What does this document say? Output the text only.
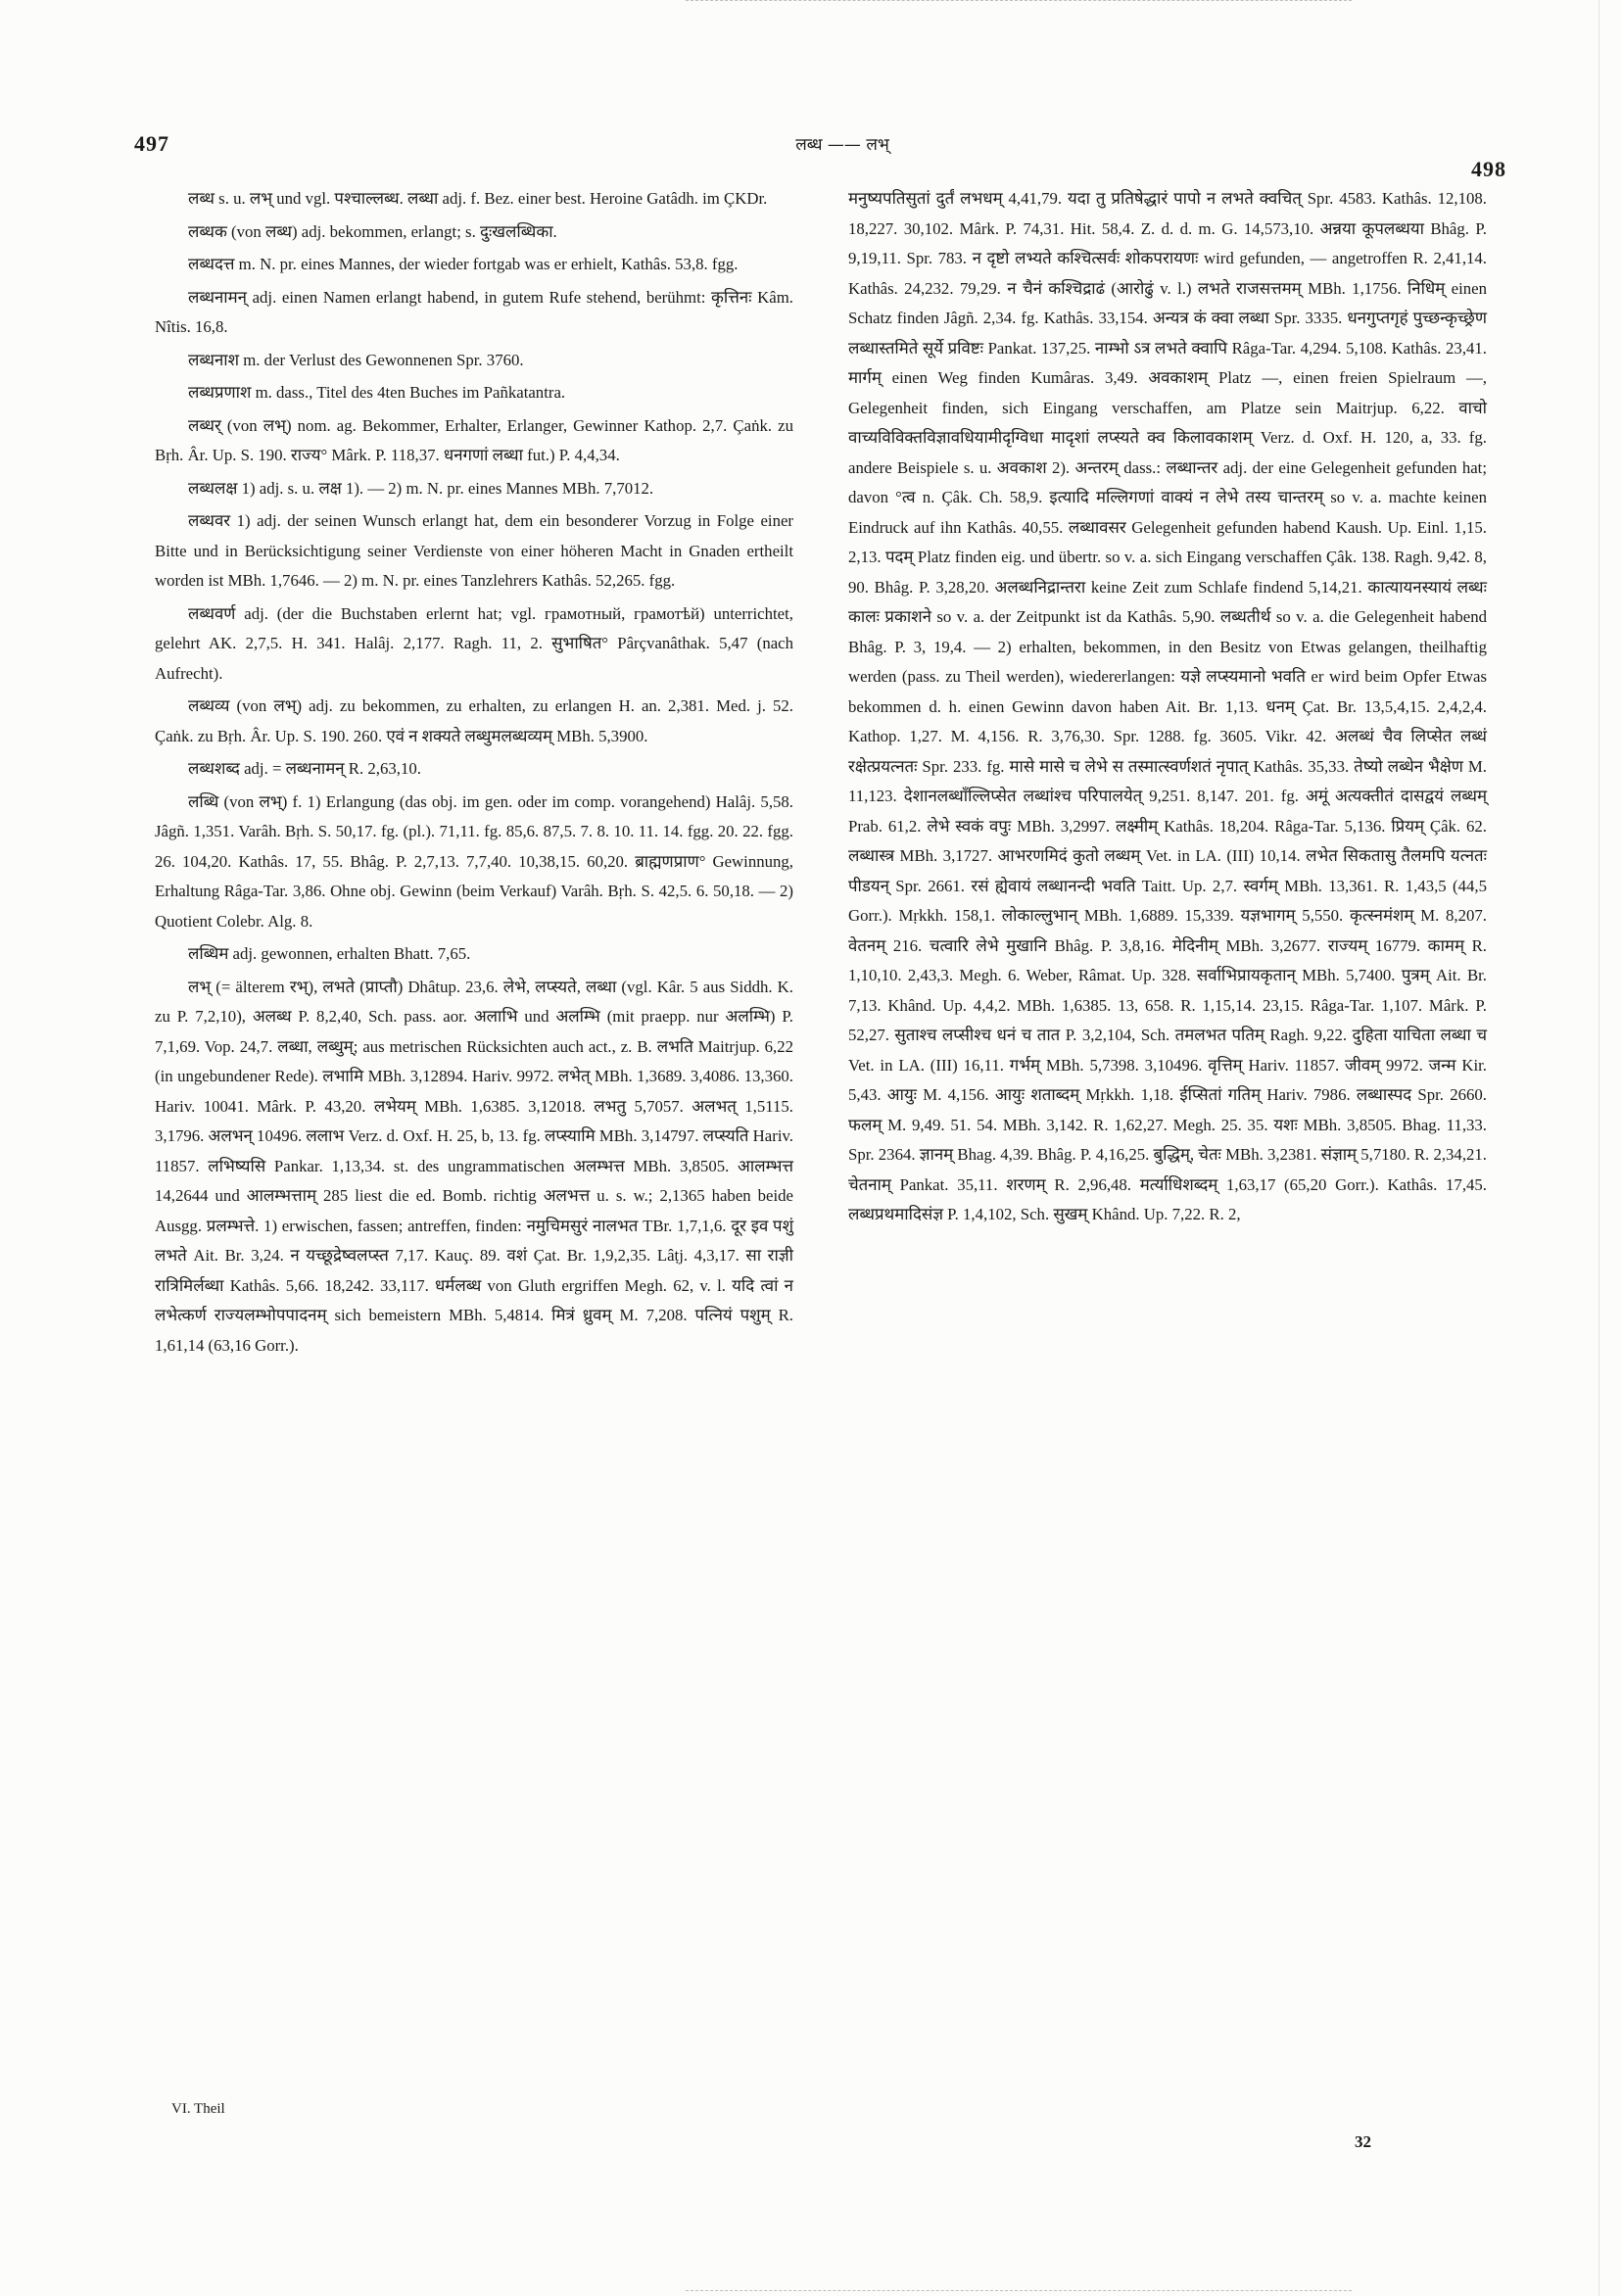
497	लब्ध —— लभ्
498

लब्ध s. u. लभ् und vgl. पश्चाल्लब्ध. लब्धा adj. f. Bez. einer best. Heroine Gatâdh. im ÇKDr.

लब्धक (von लब्ध) adj. bekommen, erlangt; s. दुःखलब्धिका.

लब्धदत्त m. N. pr. eines Mannes, der wieder fortgab was er erhielt, Kathâs. 53,8. fgg.

लब्धनामन् adj. einen Namen erlangt habend, in gutem Rufe stehend, berühmt: कृत्तिनः Kâm. Nîtis. 16,8.

लब्धनाश m. der Verlust des Gewonnenen Spr. 3760.

लब्धप्रणाश m. dass., Titel des 4ten Buches im Pañkatantra.

लब्धर् (von लभ्) nom. ag. Bekommer, Erhalter, Erlanger, Gewinner Kathop. 2,7. Çaṅk. zu Bṛh. Âr. Up. S. 190. राज्य° Mârk. P. 118,37. धनगणां लब्धा fut.) P. 4,4,34.

लब्धलक्ष 1) adj. s. u. लक्ष 1). — 2) m. N. pr. eines Mannes MBh. 7,7012.

लब्धवर 1) adj. der seinen Wunsch erlangt hat, dem ein besonderer Vorzug in Folge einer Bitte und in Berücksichtigung seiner Verdienste von einer höheren Macht in Gnaden ertheilt worden ist MBh. 1,7646. — 2) m. N. pr. eines Tanzlehrers Kathâs. 52,265. fgg.

लब्धवर्ण adj. (der die Buchstaben erlernt hat; vgl. грамотный, грамотѣй) unterrichtet, gelehrt AK. 2,7,5. H. 341. Halâj. 2,177. Ragh. 11, 2. सुभाषित° Pârçvanâthak. 5,47 (nach Aufrecht).

लब्धव्य (von लभ्) adj. zu bekommen, zu erhalten, zu erlangen H. an. 2,381. Med. j. 52. Çaṅk. zu Bṛh. Âr. Up. S. 190. 260. एवं न शक्यते लब्धुमलब्धव्यम् MBh. 5,3900.

लब्धशब्द adj. = लब्धनामन् R. 2,63,10.

लब्धि (von लभ्) f. 1) Erlangung (das obj. im gen. oder im comp. vorangehend) Halâj. 5,58. Jâgñ. 1,351. Varâh. Bṛh. S. 50,17. fg. (pl.). 71,11. fg. 85,6. 87,5. 7. 8. 10. 11. 14. fgg. 20. 22. fgg. 26. 104,20. Kathâs. 17, 55. Bhâg. P. 2,7,13. 7,7,40. 10,38,15. 60,20. ब्राह्मणप्राण° Gewinnung, Erhaltung Râga-Tar. 3,86. Ohne obj. Gewinn (beim Verkauf) Varâh. Bṛh. S. 42,5. 6. 50,18. — 2) Quotient Colebr. Alg. 8.

लब्धिम adj. gewonnen, erhalten Bhatt. 7,65.

लभ् (= älterem रभ्), लभते (प्राप्तौ) Dhâtup. 23,6. लेभे, लप्स्यते, लब्धा (vgl. Kâr. 5 aus Siddh. K. zu P. 7,2,10), अलब्ध P. 8,2,40, Sch. pass. aor. अलाभि und अलम्भि (mit praepp. nur अलम्भि) P. 7,1,69. Vop. 24,7. लब्धा, लब्धुम्; aus metrischen Rücksichten auch act., z. B. लभति Maitrjup. 6,22 (in ungebundener Rede). लभामि MBh. 3,12894. Hariv. 9972. लभेत् MBh. 1,3689. 3,4086. 13,360. Hariv. 10041. Mârk. P. 43,20. लभेयम् MBh. 1,6385. 3,12018. लभतु 5,7057. अलभत् 1,5115. 3,1796. अलभन् 10496. ललाभ Verz. d. Oxf. H. 25, b, 13. fg. लप्स्यामि MBh. 3,14797. लप्स्यति Hariv. 11857. लभिष्यसि Pankar. 1,13,34. st. des ungrammatischen अलम्भत्त MBh. 3,8505. आलम्भत्त 14,2644 und आलम्भत्ताम् 285 liest die ed. Bomb. richtig अलभत्त u. s. w.; 2,1365 haben beide Ausgg. प्रलम्भत्ते. 1) erwischen, fassen; antreffen, finden: नमुचिमसुरं नालभत TBr. 1,7,1,6. दूर इव पशुं लभते Ait. Br. 3,24. न यच्छूद्रेष्वलप्स्त 7,17. Kauç. 89. वशं Çat. Br. 1,9,2,35. Lâṭj. 4,3,17. सा राज्ञी रात्रिमिर्लब्धा Kathâs. 5,66. 18,242. 33,117. धर्मलब्ध von Gluth ergriffen Megh. 62, v. l. यदि त्वां न लभेत्कर्ण राज्यलम्भोपपादनम् sich bemeistern MBh. 5,4814. मित्रं ध्रुवम् M. 7,208. पत्नियं पशुम् R. 1,61,14 (63,16 Gorr.).

मनुष्यपतिसुतां दुर्तं लभधम् 4,41,79. यदा तु प्रतिषेद्धारं पापो न लभते क्वचित् Spr. 4583. Kathâs. 12,108. 18,227. 30,102. Mârk. P. 74,31. Hit. 58,4. Z. d. d. m. G. 14,573,10. अन्नया कूपलब्धया Bhâg. P. 9,19,11. Spr. 783. न दृष्टो लभ्यते कश्चित्सर्वः शोकपरायणः wird gefunden, — angetroffen R. 2,41,14. Kathâs. 24,232. 79,29. न चैनं कश्चिद्राढं (आरोढुं v. l.) लभते राजसत्तमम् MBh. 1,1756. निधिम् einen Schatz finden Jâgñ. 2,34. fg. Kathâs. 33,154. अन्यत्र कं क्वा लब्धा Spr. 3335. धनगुप्तगृहं पुच्छन्कृच्छ्रेण लब्धास्तमिते सूर्ये प्रविष्टः Pankat. 137,25. नाम्भो ऽत्र लभते क्वापि Râga-Tar. 4,294. 5,108. Kathâs. 23,41. मार्गम् einen Weg finden Kumâras. 3,49. अवकाशम् Platz —, einen freien Spielraum —, Gelegenheit finden, sich Eingang verschaffen, am Platze sein Maitrjup. 6,22. वाचो वाच्यविविक्तविज्ञावधियामीदृग्विधा मादृशां लप्स्यते क्व किलावकाशम् Verz. d. Oxf. H. 120, a, 33. fg. andere Beispiele s. u. अवकाश 2). अन्तरम् dass.: लब्धान्तर adj. der eine Gelegenheit gefunden hat; davon °त्व n. Çâk. Ch. 58,9. इत्यादि मल्लिगणां वाक्यं न लेभे तस्य चान्तरम् so v. a. machte keinen Eindruck auf ihn Kathâs. 40,55. लब्धावसर Gelegenheit gefunden habend Kaush. Up. Einl. 1,15. 2,13. पदम् Platz finden eig. und übertr. so v. a. sich Eingang verschaffen Çâk. 138. Ragh. 9,42. 8, 90. Bhâg. P. 3,28,20. अलब्धनिद्रान्तरा keine Zeit zum Schlafe findend 5,14,21. कात्यायनस्यायं लब्धः कालः प्रकाशने so v. a. der Zeitpunkt ist da Kathâs. 5,90. लब्धतीर्थ so v. a. die Gelegenheit habend Bhâg. P. 3, 19,4. — 2) erhalten, bekommen, in den Besitz von Etwas gelangen, theilhaftig werden (pass. zu Theil werden), wiedererlangen: यज्ञे लप्स्यमानो भवति er wird beim Opfer Etwas bekommen d. h. einen Gewinn davon haben Ait. Br. 1,13. धनम् Çat. Br. 13,5,4,15. 2,4,2,4. Kathop. 1,27. M. 4,156. R. 3,76,30. Spr. 1288. fg. 3605. Vikr. 42. अलब्धं चैव लिप्सेत लब्धं रक्षेत्प्रयत्नतः Spr. 233. fg. मासे मासे च लेभे स तस्मात्स्वर्णशतं नृपात् Kathâs. 35,33. तेष्यो लब्धेन भैक्षेण M. 11,123. देशानलब्धाँल्लिप्सेत लब्धांश्च परिपालयेत् 9,251. 8,147. 201. fg. अमूं अत्यक्तीतं दासद्वयं लब्धम् Prab. 61,2. लेभे स्वकं वपुः MBh. 3,2997. लक्ष्मीम् Kathâs. 18,204. Râga-Tar. 5,136. प्रियम् Çâk. 62. लब्धास्त्र MBh. 3,1727. आभरणमिदं कुतो लब्धम् Vet. in LA. (III) 10,14. लभेत सिकतासु तैलमपि यत्नतः पीडयन् Spr. 2661. रसं ह्येवायं लब्धानन्दी भवति Taitt. Up. 2,7. स्वर्गम् MBh. 13,361. R. 1,43,5 (44,5 Gorr.). Mṛkkh. 158,1. लोकाल्लुभान् MBh. 1,6889. 15,339. यज्ञभागम् 5,550. कृत्स्नमंशम् M. 8,207. वेतनम् 216. चत्वारि लेभे मुखानि Bhâg. P. 3,8,16. मेदिनीम् MBh. 3,2677. राज्यम् 16779. कामम् R. 1,10,10. 2,43,3. Megh. 6. Weber, Râmat. Up. 328. सर्वाभिप्रायकृतान् MBh. 5,7400. पुत्रम् Ait. Br. 7,13. Khând. Up. 4,4,2. MBh. 1,6385. 13, 658. R. 1,15,14. 23,15. Râga-Tar. 1,107. Mârk. P. 52,27. सुताश्च लप्सीश्च धनं च तात P. 3,2,104, Sch. तमलभत पतिम् Ragh. 9,22. दुहिता याचिता लब्धा च Vet. in LA. (III) 16,11. गर्भम् MBh. 5,7398. 3,10496. वृत्तिम् Hariv. 11857. जीवम् 9972. जन्म Kir. 5,43. आयुः M. 4,156. आयुः शताब्दम् Mṛkkh. 1,18. ईप्सितां गतिम् Hariv. 7986. लब्धास्पद Spr. 2660. फलम् M. 9,49. 51. 54. MBh. 3,142. R. 1,62,27. Megh. 25. 35. यशः MBh. 3,8505. Bhag. 11,33. Spr. 2364. ज्ञानम् Bhag. 4,39. Bhâg. P. 4,16,25. बुद्धिम्, चेतः MBh. 3,2381. संज्ञाम् 5,7180. R. 2,34,21. चेतनाम् Pankat. 35,11. शरणम् R. 2,96,48. मर्त्याधिशब्दम् 1,63,17 (65,20 Gorr.). Kathâs. 17,45. लब्धप्रथमादिसंज्ञ P. 1,4,102, Sch. सुखम् Khând. Up. 7,22. R. 2,

VI. Theil
32
